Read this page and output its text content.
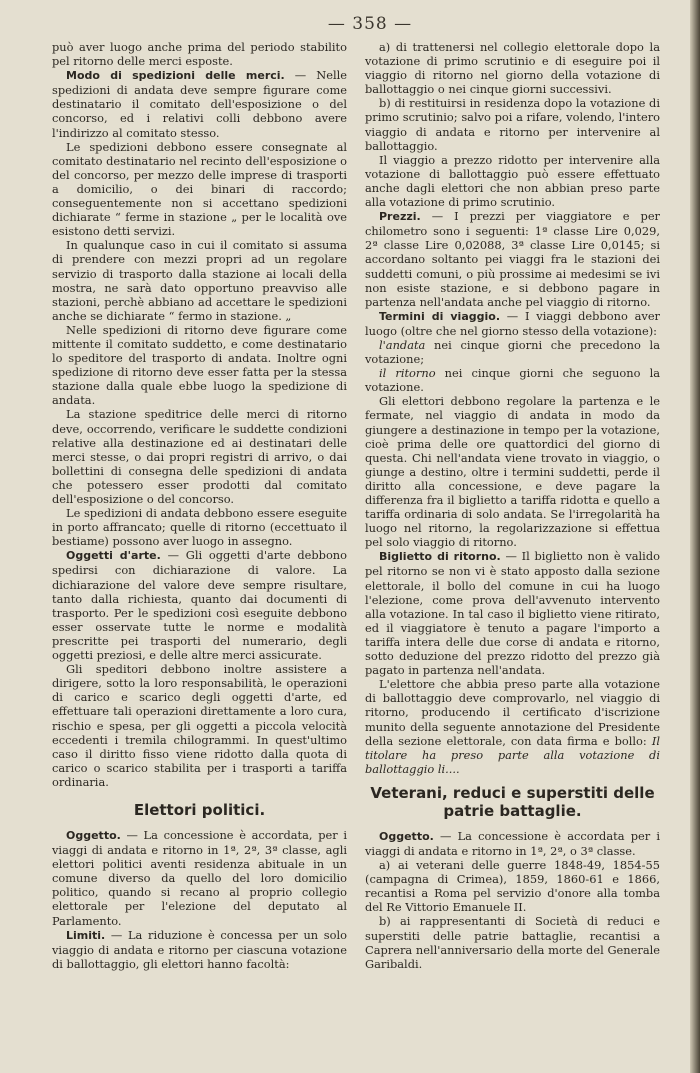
— 358 —

può aver luogo anche prima del periodo stabilito pel ritorno delle merci esposte.

Modo di spedizioni delle merci. — Nelle spedizioni di andata deve sempre figurare come destinatario il comitato dell'esposizione o del concorso, ed i relativi colli debbono avere l'indirizzo al comitato stesso.

Le spedizioni debbono essere consegnate al comitato destinatario nel recinto dell'esposizione o del concorso, per mezzo delle imprese di trasporti a domicilio, o dei binari di raccordo; conseguentemente non si accettano spedizioni dichiarate “ ferme in stazione „ per le località ove esistono detti servizi.

In qualunque caso in cui il comitato si assuma di prendere con mezzi propri ad un regolare servizio di trasporto dalla stazione ai locali della mostra, ne sarà dato opportuno preavviso alle stazioni, perchè abbiano ad accettare le spedizioni anche se dichiarate “ fermo in stazione. „

Nelle spedizioni di ritorno deve figurare come mittente il comitato suddetto, e come destinatario lo speditore del trasporto di andata. Inoltre ogni spedizione di ritorno deve esser fatta per la stessa stazione dalla quale ebbe luogo la spedizione di andata.

La stazione speditrice delle merci di ritorno deve, occorrendo, verificare le suddette condizioni relative alla destinazione ed ai destinatari delle merci stesse, o dai propri registri di arrivo, o dai bollettini di consegna delle spedizioni di andata che potessero esser prodotti dal comitato dell'esposizione o del concorso.

Le spedizioni di andata debbono essere eseguite in porto affrancato; quelle di ritorno (eccettuato il bestiame) possono aver luogo in assegno.

Oggetti d'arte. — Gli oggetti d'arte debbono spedirsi con dichiarazione di valore. La dichiarazione del valore deve sempre risultare, tanto dalla richiesta, quanto dai documenti di trasporto. Per le spedizioni così eseguite debbono esser osservate tutte le norme e modalità prescritte pei trasporti del numerario, degli oggetti preziosi, e delle altre merci assicurate.

Gli speditori debbono inoltre assistere a dirigere, sotto la loro responsabilità, le operazioni di carico e scarico degli oggetti d'arte, ed effettuare tali operazioni direttamente a loro cura, rischio e spesa, per gli oggetti a piccola velocità eccedenti i tremila chilogrammi. In quest'ultimo caso il diritto fisso viene ridotto dalla quota di carico o scarico stabilita per i trasporti a tariffa ordinaria.

Elettori politici.

Oggetto. — La concessione è accordata, per i viaggi di andata e ritorno in 1ª, 2ª, 3ª classe, agli elettori politici aventi residenza abituale in un comune diverso da quello del loro domicilio politico, quando si recano al proprio collegio elettorale per l'elezione del deputato al Parlamento.

Limiti. — La riduzione è concessa per un solo viaggio di andata e ritorno per ciascuna votazione di ballottaggio, gli elettori hanno facoltà:

a) di trattenersi nel collegio elettorale dopo la votazione di primo scrutinio e di eseguire poi il viaggio di ritorno nel giorno della votazione di ballottaggio o nei cinque giorni successivi.

b) di restituirsi in residenza dopo la votazione di primo scrutinio; salvo poi a rifare, volendo, l'intero viaggio di andata e ritorno per intervenire al ballottaggio.

Il viaggio a prezzo ridotto per intervenire alla votazione di ballottaggio può essere effettuato anche dagli elettori che non abbian preso parte alla votazione di primo scrutinio.

Prezzi. — I prezzi per viaggiatore e per chilometro sono i seguenti: 1ª classe Lire 0,029, 2ª classe Lire 0,02088, 3ª classe Lire 0,0145; si accordano soltanto pei viaggi fra le stazioni dei suddetti comuni, o più prossime ai medesimi se ivi non esiste stazione, e si debbono pagare in partenza nell'andata anche pel viaggio di ritorno.

Termini di viaggio. — I viaggi debbono aver luogo (oltre che nel giorno stesso della votazione):

l'andata nei cinque giorni che precedono la votazione;

il ritorno nei cinque giorni che seguono la votazione.

Gli elettori debbono regolare la partenza e le fermate, nel viaggio di andata in modo da giungere a destinazione in tempo per la votazione, cioè prima delle ore quattordici del giorno di questa. Chi nell'andata viene trovato in viaggio, o giunge a destino, oltre i termini suddetti, perde il diritto alla concessione, e deve pagare la differenza fra il biglietto a tariffa ridotta e quello a tariffa ordinaria di solo andata. Se l'irregolarità ha luogo nel ritorno, la regolarizzazione si effettua pel solo viaggio di ritorno.

Biglietto di ritorno. — Il biglietto non è valido pel ritorno se non vi è stato apposto dalla sezione elettorale, il bollo del comune in cui ha luogo l'elezione, come prova dell'avvenuto intervento alla votazione. In tal caso il biglietto viene ritirato, ed il viaggiatore è tenuto a pagare l'importo a tariffa intera delle due corse di andata e ritorno, sotto deduzione del prezzo ridotto del prezzo già pagato in partenza nell'andata.

L'elettore che abbia preso parte alla votazione di ballottaggio deve comprovarlo, nel viaggio di ritorno, producendo il certificato d'iscrizione munito della seguente annotazione del Presidente della sezione elettorale, con data firma e bollo: Il titolare ha preso parte alla votazione di ballottaggio li....

Veterani, reduci e superstiti delle patrie battaglie.

Oggetto. — La concessione è accordata per i viaggi di andata e ritorno in 1ª, 2ª, o 3ª classe.

a) ai veterani delle guerre 1848-49, 1854-55 (campagna di Crimea), 1859, 1860-61 e 1866, recantisi a Roma pel servizio d'onore alla tomba del Re Vittorio Emanuele II.

b) ai rappresentanti di Società di reduci e superstiti delle patrie battaglie, recantisi a Caprera nell'anniversario della morte del Generale Garibaldi.
